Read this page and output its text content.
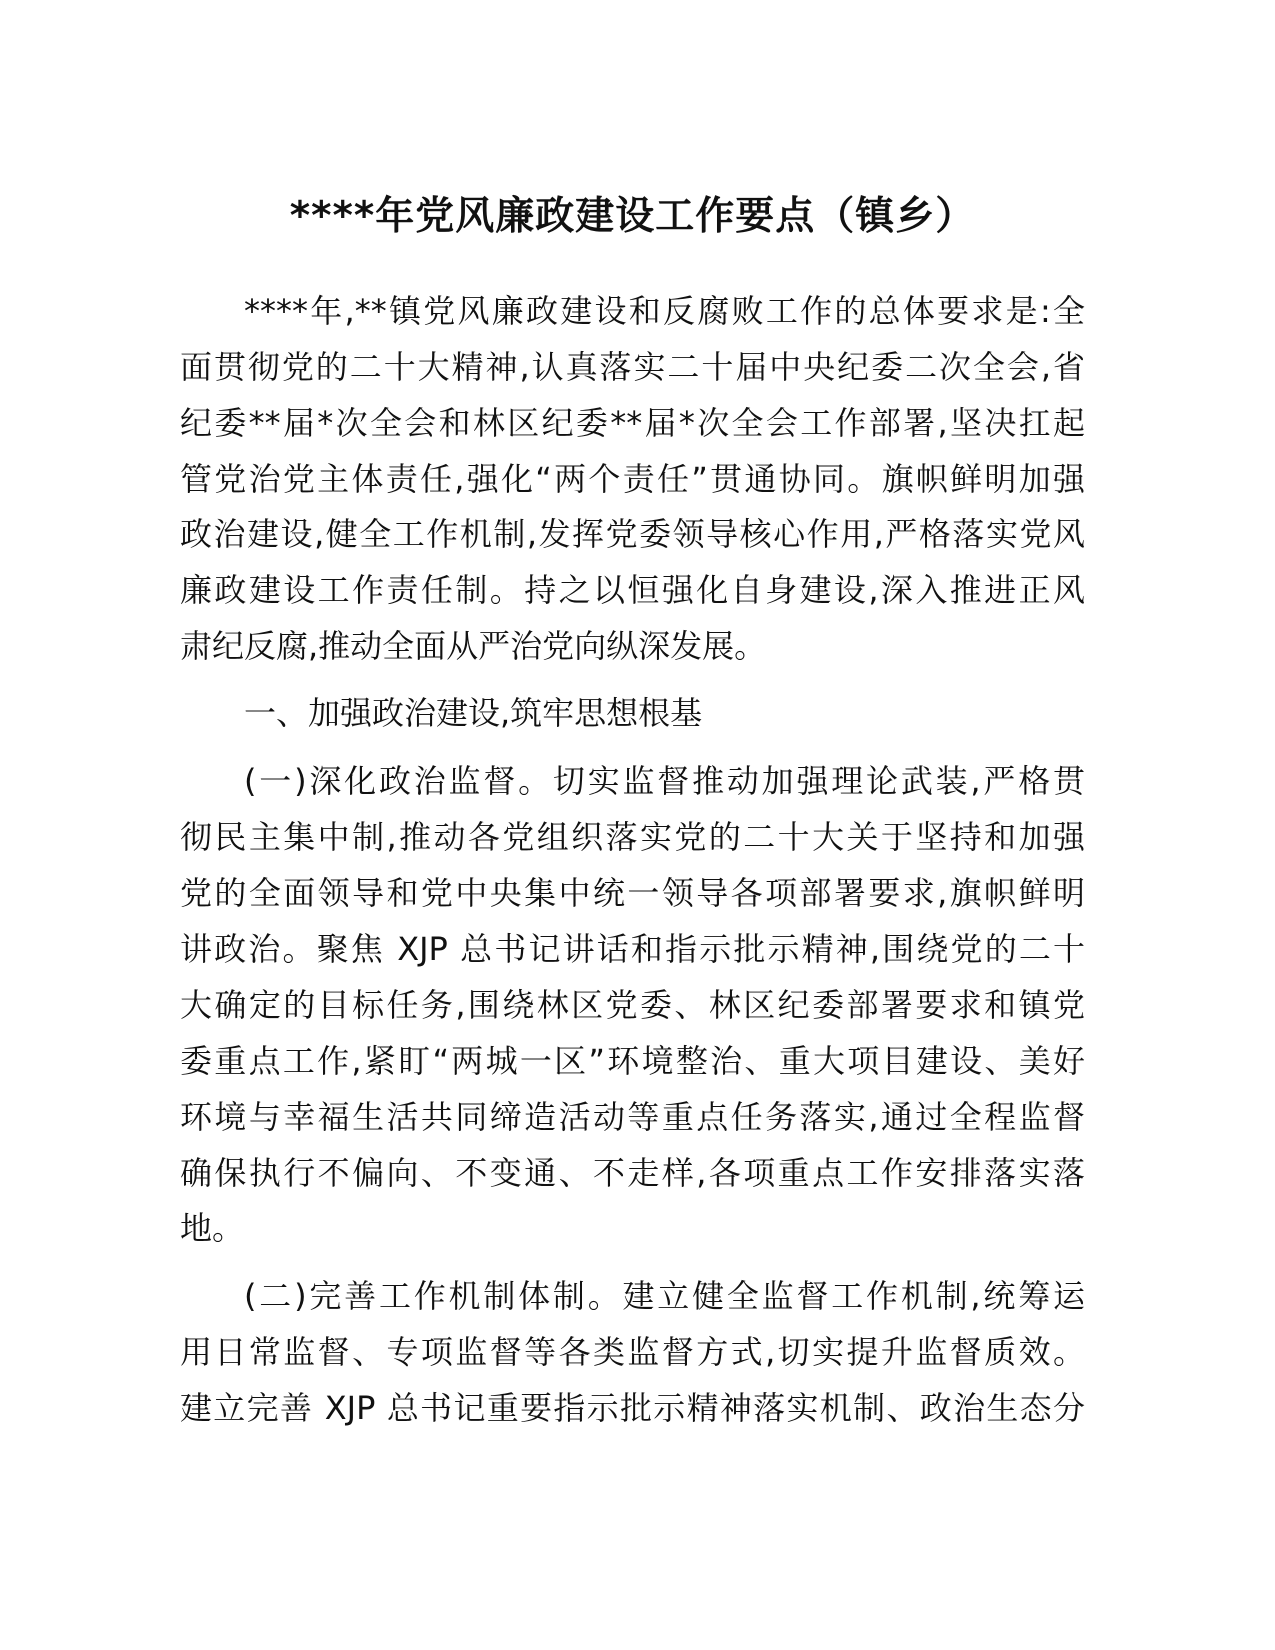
****年党风廉政建设工作要点（镇乡）
****年,**镇党风廉政建设和反腐败工作的总体要求是:全
面贯彻党的二十大精神,认真落实二十届中央纪委二次全会,省
纪委**届*次全会和林区纪委**届*次全会工作部署,坚决扛起
管党治党主体责任,强化“两个责任”贯通协同。旗帜鲜明加强
政治建设,健全工作机制,发挥党委领导核心作用,严格落实党风
廉政建设工作责任制。持之以恒强化自身建设,深入推进正风
肃纪反腐,推动全面从严治党向纵深发展。
一、加强政治建设,筑牢思想根基
(一)深化政治监督。切实监督推动加强理论武装,严格贯
彻民主集中制,推动各党组织落实党的二十大关于坚持和加强
党的全面领导和党中央集中统一领导各项部署要求,旗帜鲜明
讲政治。聚焦 XJP 总书记讲话和指示批示精神,围绕党的二十
大确定的目标任务,围绕林区党委、林区纪委部署要求和镇党
委重点工作,紧盯“两城一区”环境整治、重大项目建设、美好
环境与幸福生活共同缔造活动等重点任务落实,通过全程监督
确保执行不偏向、不变通、不走样,各项重点工作安排落实落
地。
(二)完善工作机制体制。建立健全监督工作机制,统筹运
用日常监督、专项监督等各类监督方式,切实提升监督质效。
建立完善 XJP 总书记重要指示批示精神落实机制、政治生态分
